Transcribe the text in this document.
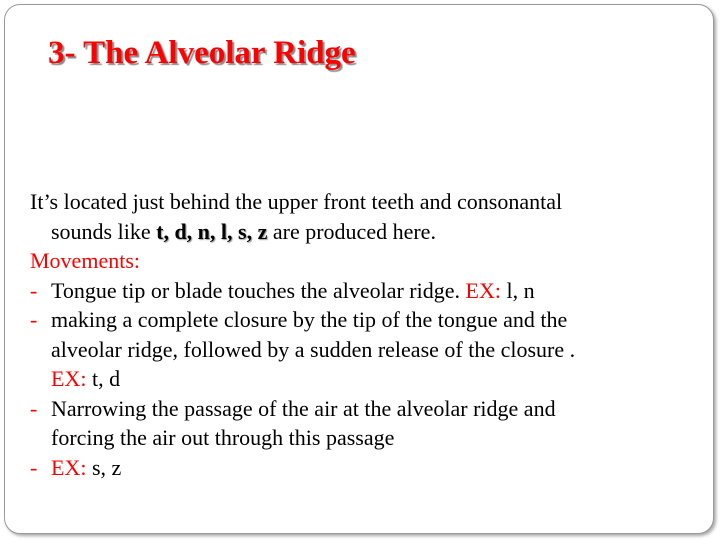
3- The Alveolar Ridge
It’s located just behind the upper front teeth and consonantal
sounds like t, d, n, l, s, z are produced here.
Movements:
- Tongue tip or blade touches the alveolar ridge. EX: l, n
- making a complete closure by the tip of the tongue and the
alveolar ridge, followed by a sudden release of the closure .
EX: t, d
- Narrowing the passage of the air at the alveolar ridge and
forcing the air out through this passage
- EX: s, z
